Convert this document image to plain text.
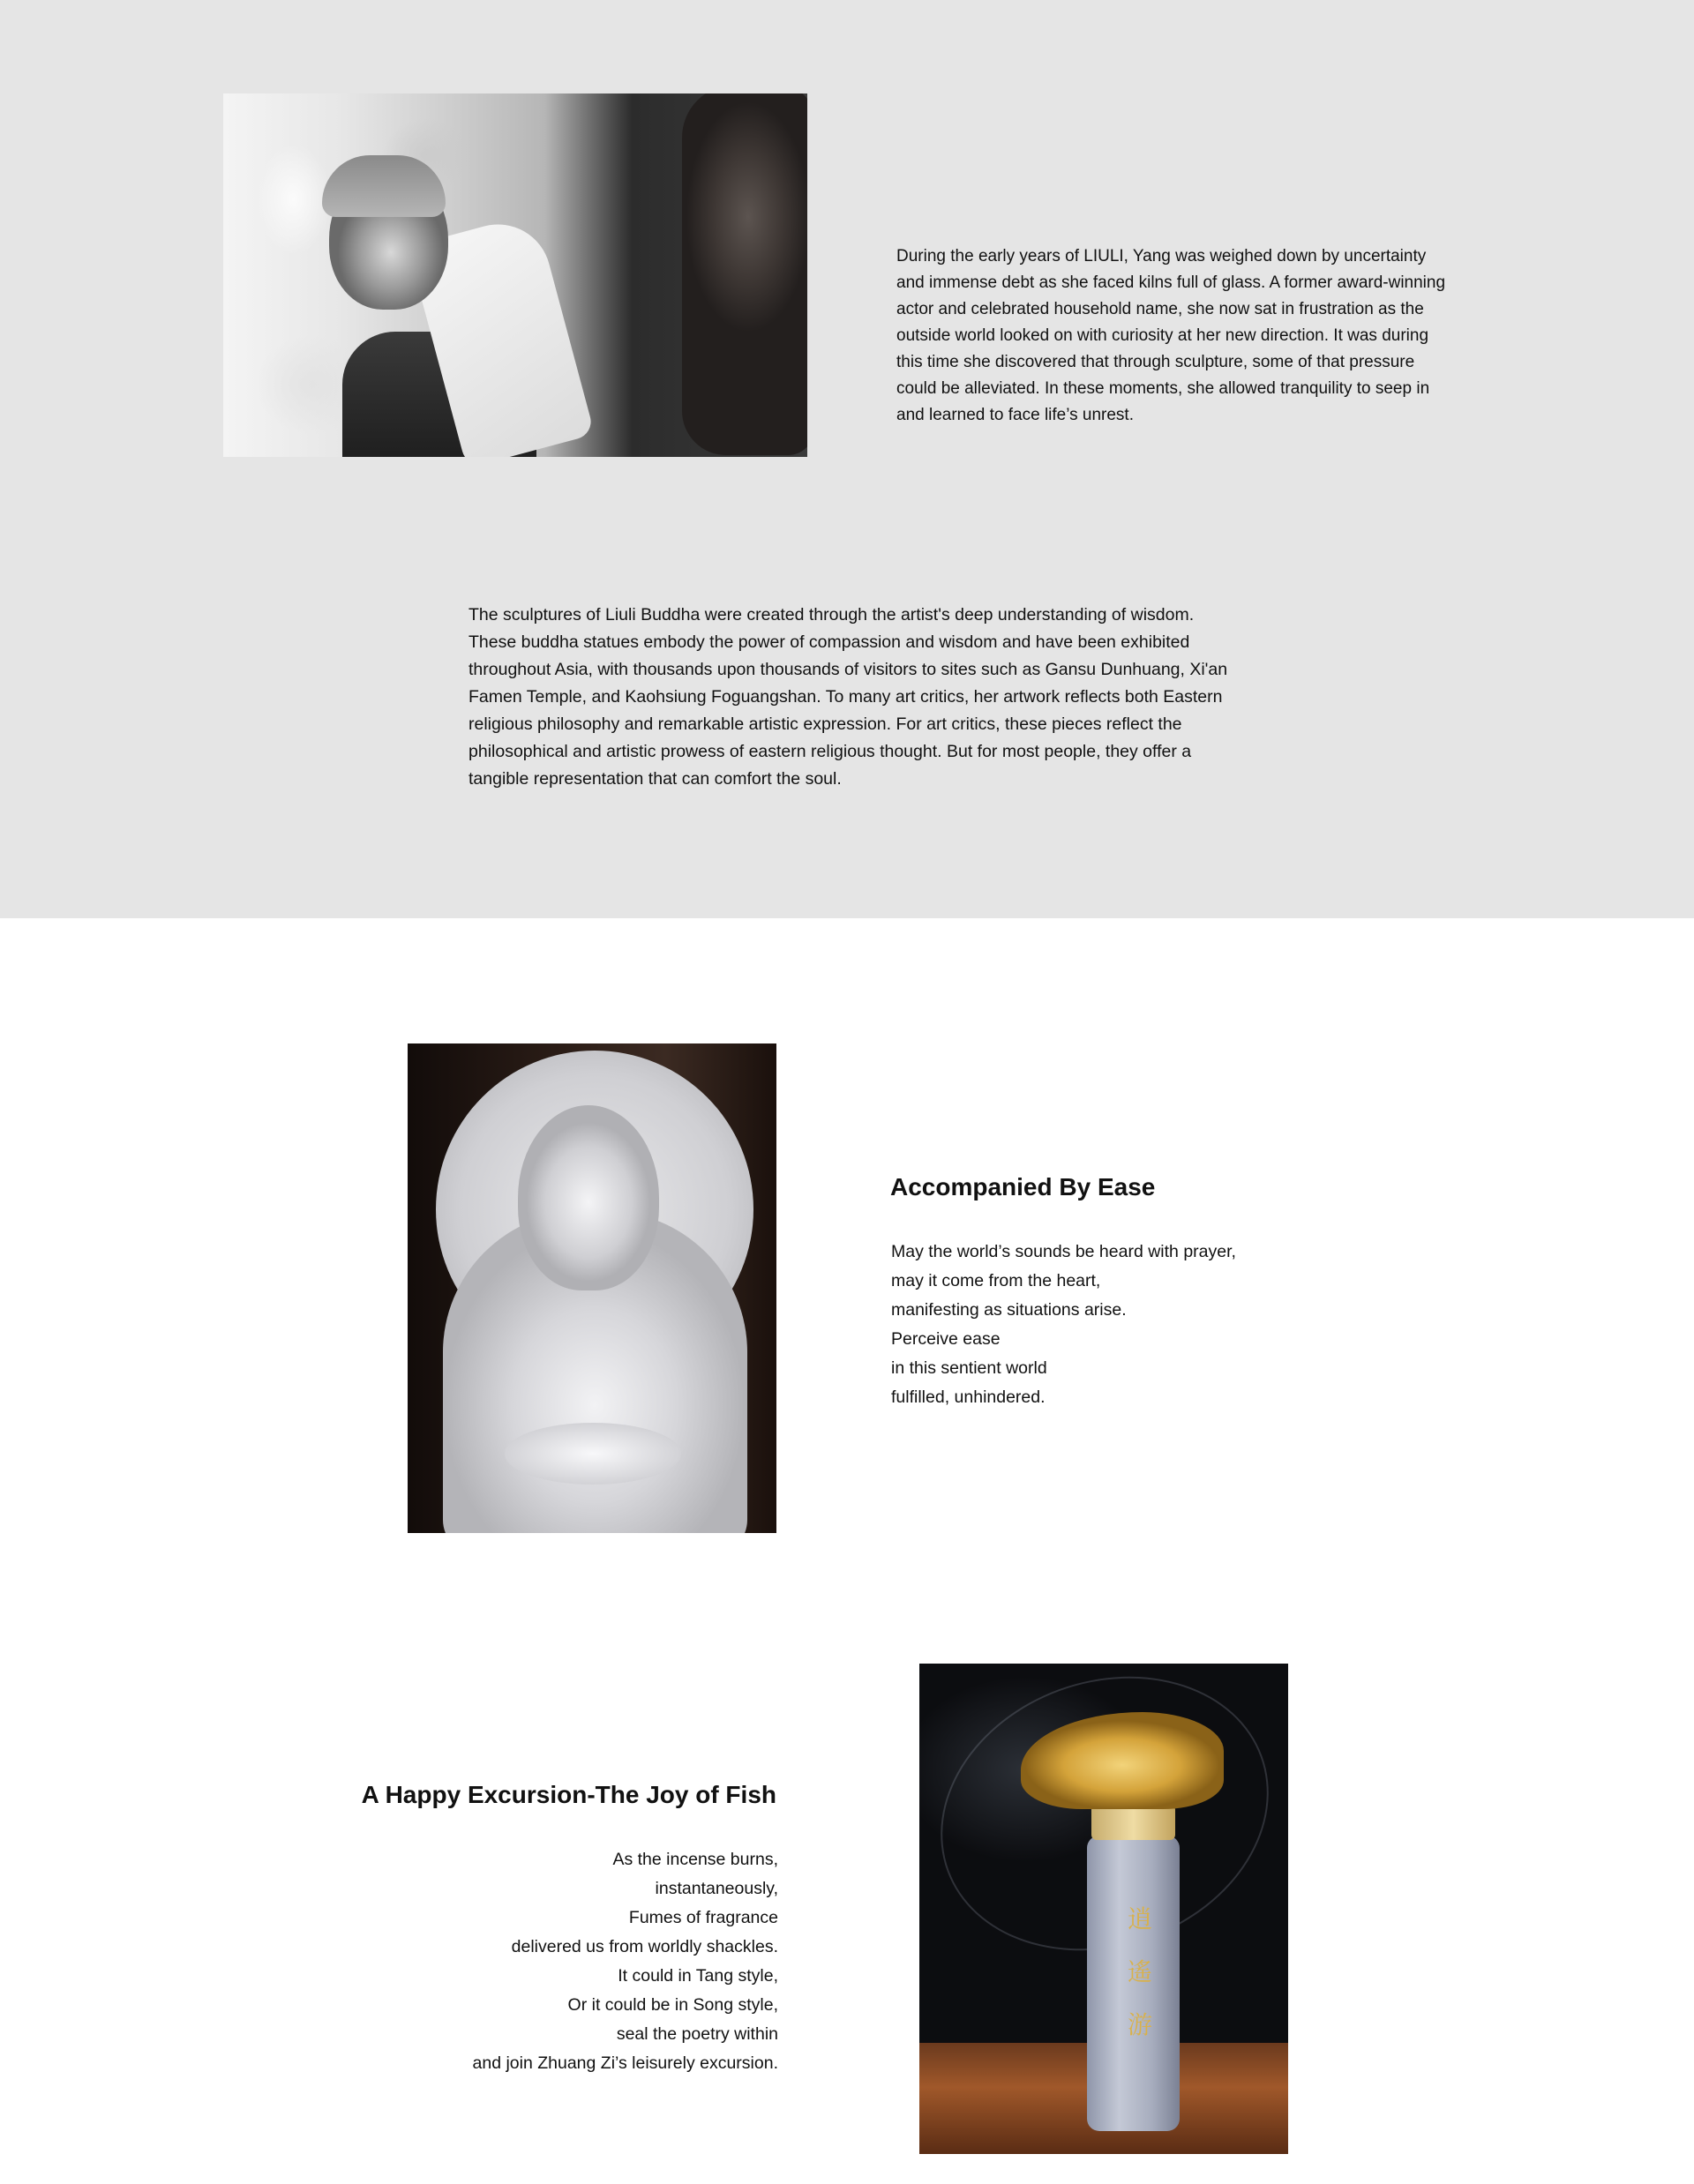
During the early years of LIULI, Yang was weighed down by uncertainty and immense debt as she faced kilns full of glass. A former award-winning actor and celebrated household name, she now sat in frustration as the outside world looked on with curiosity at her new direction. It was during this time she discovered that through sculpture, some of that pressure could be alleviated. In these moments, she allowed tranquility to seep in and learned to face life’s unrest.

The sculptures of Liuli Buddha were created through the artist's deep understanding of wisdom. These buddha statues embody the power of compassion and wisdom and have been exhibited throughout Asia, with thousands upon thousands of visitors to sites such as Gansu Dunhuang, Xi'an Famen Temple, and Kaohsiung Foguangshan. To many art critics, her artwork reflects both Eastern religious philosophy and remarkable artistic expression. For art critics, these pieces reflect the philosophical and artistic prowess of eastern religious thought. But for most people, they offer a tangible representation that can comfort the soul.

Accompanied By Ease
May the world’s sounds be heard with prayer,
may it come from the heart,
manifesting as situations arise.
Perceive ease
in this sentient world
fulfilled, unhindered.
A Happy Excursion-The Joy of Fish
As the incense burns,
instantaneously,
Fumes of fragrance
delivered us from worldly shackles.
It could in Tang style,
Or it could be in Song style,
seal the poetry within
and join Zhuang Zi’s leisurely excursion.
逍遙游
